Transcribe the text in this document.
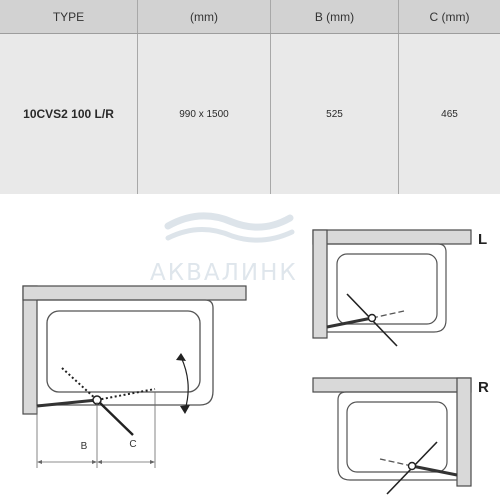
TYPE	(mm)	B (mm)	C (mm)
10CVS2 100 L/R	990 x 1500	525	465
B	C
L
R
АКВАЛИНК
